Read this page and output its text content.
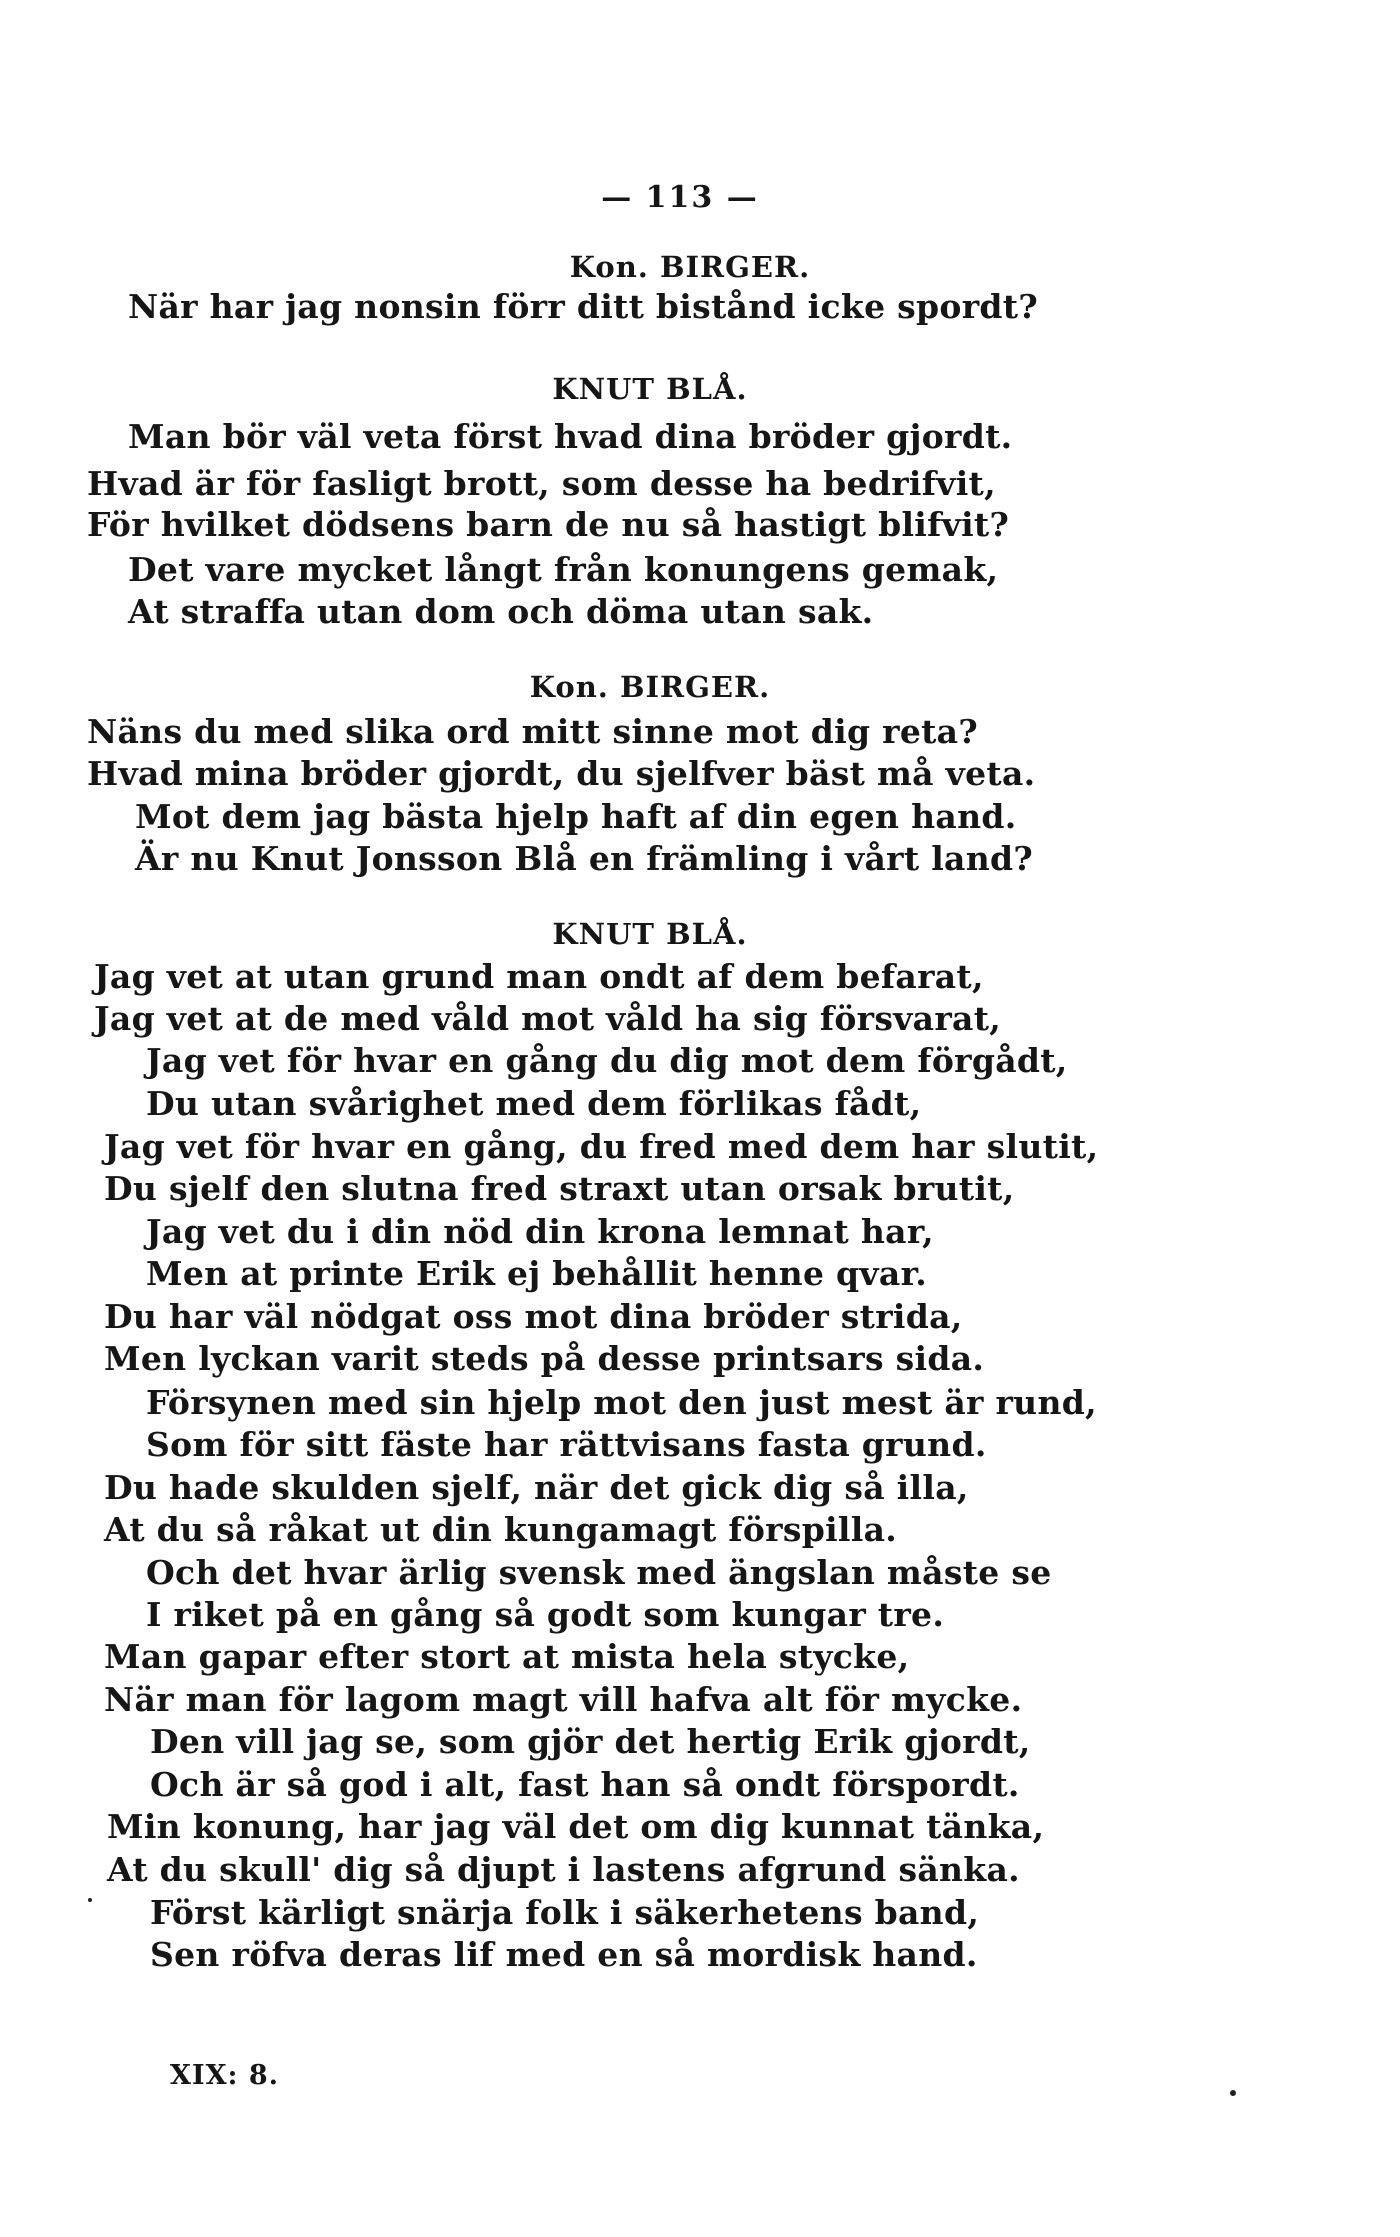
— 113 —
Kon. BIRGER.
När har jag nonsin förr ditt bistånd icke spordt?
KNUT BLÅ.
Man bör väl veta först hvad dina bröder gjordt.
Hvad är för fasligt brott, som desse ha bedrifvit,
För hvilket dödsens barn de nu så hastigt blifvit?
Det vare mycket långt från konungens gemak,
At straffa utan dom och döma utan sak.
Kon. BIRGER.
Näns du med slika ord mitt sinne mot dig reta?
Hvad mina bröder gjordt, du sjelfver bäst må veta.
Mot dem jag bästa hjelp haft af din egen hand.
Är nu Knut Jonsson Blå en främling i vårt land?
KNUT BLÅ.
Jag vet at utan grund man ondt af dem befarat,
Jag vet at de med våld mot våld ha sig försvarat,
Jag vet för hvar en gång du dig mot dem förgådt,
Du utan svårighet med dem förlikas fådt,
Jag vet för hvar en gång, du fred med dem har slutit,
Du sjelf den slutna fred straxt utan orsak brutit,
Jag vet du i din nöd din krona lemnat har,
Men at printe Erik ej behållit henne qvar.
Du har väl nödgat oss mot dina bröder strida,
Men lyckan varit steds på desse printsars sida.
Försynen med sin hjelp mot den just mest är rund,
Som för sitt fäste har rättvisans fasta grund.
Du hade skulden sjelf, när det gick dig så illa,
At du så råkat ut din kungamagt förspilla.
Och det hvar ärlig svensk med ängslan måste se
I riket på en gång så godt som kungar tre.
Man gapar efter stort at mista hela stycke,
När man för lagom magt vill hafva alt för mycke.
Den vill jag se, som gjör det hertig Erik gjordt,
Och är så god i alt, fast han så ondt förspordt.
Min konung, har jag väl det om dig kunnat tänka,
At du skull' dig så djupt i lastens afgrund sänka.
Först kärligt snärja folk i säkerhetens band,
Sen röfva deras lif med en så mordisk hand.
XIX: 8.
